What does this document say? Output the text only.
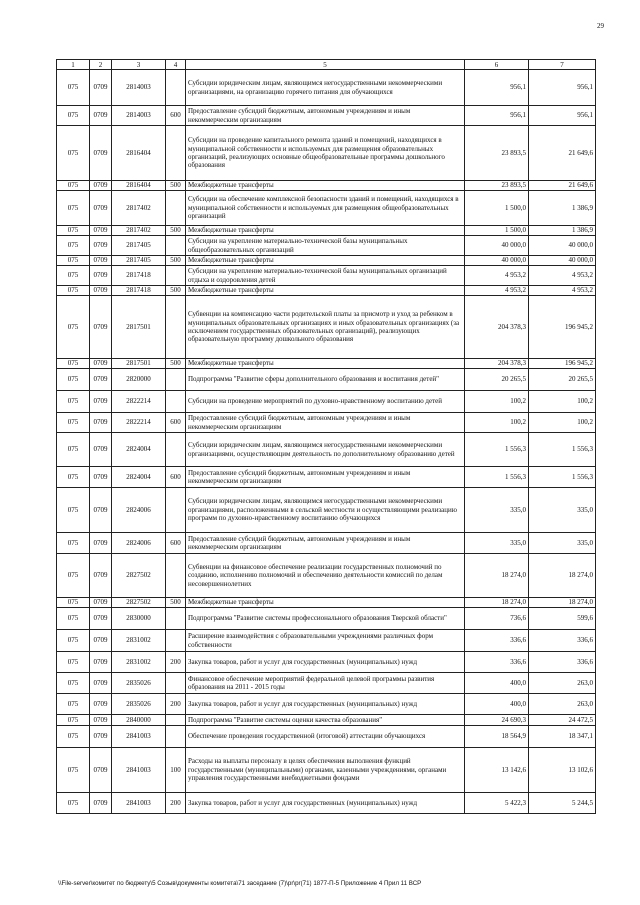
29
1	2	3	4	5	6	7
075	0709	2814003		Субсидии юридическим лицам, являющимся негосударственными некоммерческими организациями, на организацию горячего питания для обучающихся	956,1	956,1
075	0709	2814003	600	Предоставление субсидий бюджетным, автономным учреждениям и иным некоммерческим организациям	956,1	956,1
075	0709	2816404		Субсидии на проведение капитального ремонта зданий и помещений, находящихся в муниципальной собственности и используемых для размещения образовательных организаций, реализующих основные общеобразовательные программы дошкольного образования	23 893,5	21 649,6
075	0709	2816404	500	Межбюджетные трансферты	23 893,5	21 649,6
075	0709	2817402		Субсидии на обеспечение комплексной безопасности зданий и помещений, находящихся в муниципальной собственности и используемых для размещения общеобразовательных организаций	1 500,0	1 386,9
075	0709	2817402	500	Межбюджетные трансферты	1 500,0	1 386,9
075	0709	2817405		Субсидии на укрепление материально-технической базы муниципальных общеобразовательных организаций	40 000,0	40 000,0
075	0709	2817405	500	Межбюджетные трансферты	40 000,0	40 000,0
075	0709	2817418		Субсидии на укрепление материально-технической базы муниципальных организаций отдыха и оздоровления детей	4 953,2	4 953,2
075	0709	2817418	500	Межбюджетные трансферты	4 953,2	4 953,2
075	0709	2817501		Субвенции на компенсацию части родительской платы за присмотр и уход за ребенком в муниципальных образовательных организациях и иных образовательных организациях (за исключением государственных образовательных организаций), реализующих образовательную программу дошкольного образования	204 378,3	196 945,2
075	0709	2817501	500	Межбюджетные трансферты	204 378,3	196 945,2
075	0709	2820000		Подпрограмма "Развитие сферы дополнительного образования и воспитания детей"	20 265,5	20 265,5
075	0709	2822214		Субсидии на проведение мероприятий по духовно-нравственному воспитанию детей	100,2	100,2
075	0709	2822214	600	Предоставление субсидий бюджетным, автономным учреждениям и иным некоммерческим организациям	100,2	100,2
075	0709	2824004		Субсидии юридическим лицам, являющимся негосударственными некоммерческими организациями, осуществляющим деятельность по дополнительному образованию детей	1 556,3	1 556,3
075	0709	2824004	600	Предоставление субсидий бюджетным, автономным учреждениям и иным некоммерческим организациям	1 556,3	1 556,3
075	0709	2824006		Субсидии юридическим лицам, являющимся негосударственными некоммерческими организациями, расположенными в сельской местности и осуществляющими реализацию программ по духовно-нравственному воспитанию обучающихся	335,0	335,0
075	0709	2824006	600	Предоставление субсидий бюджетным, автономным учреждениям и иным некоммерческим организациям	335,0	335,0
075	0709	2827502		Субвенции на финансовое обеспечение реализации государственных полномочий по созданию, исполнению полномочий и обеспечению деятельности комиссий по делам несовершеннолетних	18 274,0	18 274,0
075	0709	2827502	500	Межбюджетные трансферты	18 274,0	18 274,0
075	0709	2830000		Подпрограмма "Развитие системы профессионального образования Тверской области"	736,6	599,6
075	0709	2831002		Расширение взаимодействия с образовательными учреждениями различных форм собственности	336,6	336,6
075	0709	2831002	200	Закупка товаров, работ и услуг для государственных (муниципальных) нужд	336,6	336,6
075	0709	2835026		Финансовое обеспечение мероприятий федеральной целевой программы развития образования на 2011 - 2015 годы	400,0	263,0
075	0709	2835026	200	Закупка товаров, работ и услуг для государственных (муниципальных) нужд	400,0	263,0
075	0709	2840000		Подпрограмма "Развитие системы оценки качества образования"	24 690,3	24 472,5
075	0709	2841003		Обеспечение проведения государственной (итоговой) аттестации обучающихся	18 564,9	18 347,1
075	0709	2841003	100	Расходы на выплаты персоналу в целях обеспечения выполнения функций государственными (муниципальными) органами, казенными учреждениями, органами управления государственными внебюджетными фондами	13 142,6	13 102,6
075	0709	2841003	200	Закупка товаров, работ и услуг для государственных (муниципальных) нужд	5 422,3	5 244,5
\\File-server\комитет по бюджету\5 Созыв\документы комитета\71 заседание (7)\pr\pr(71) 1877-П-5 Приложение 4 Прил 11 ВСР
